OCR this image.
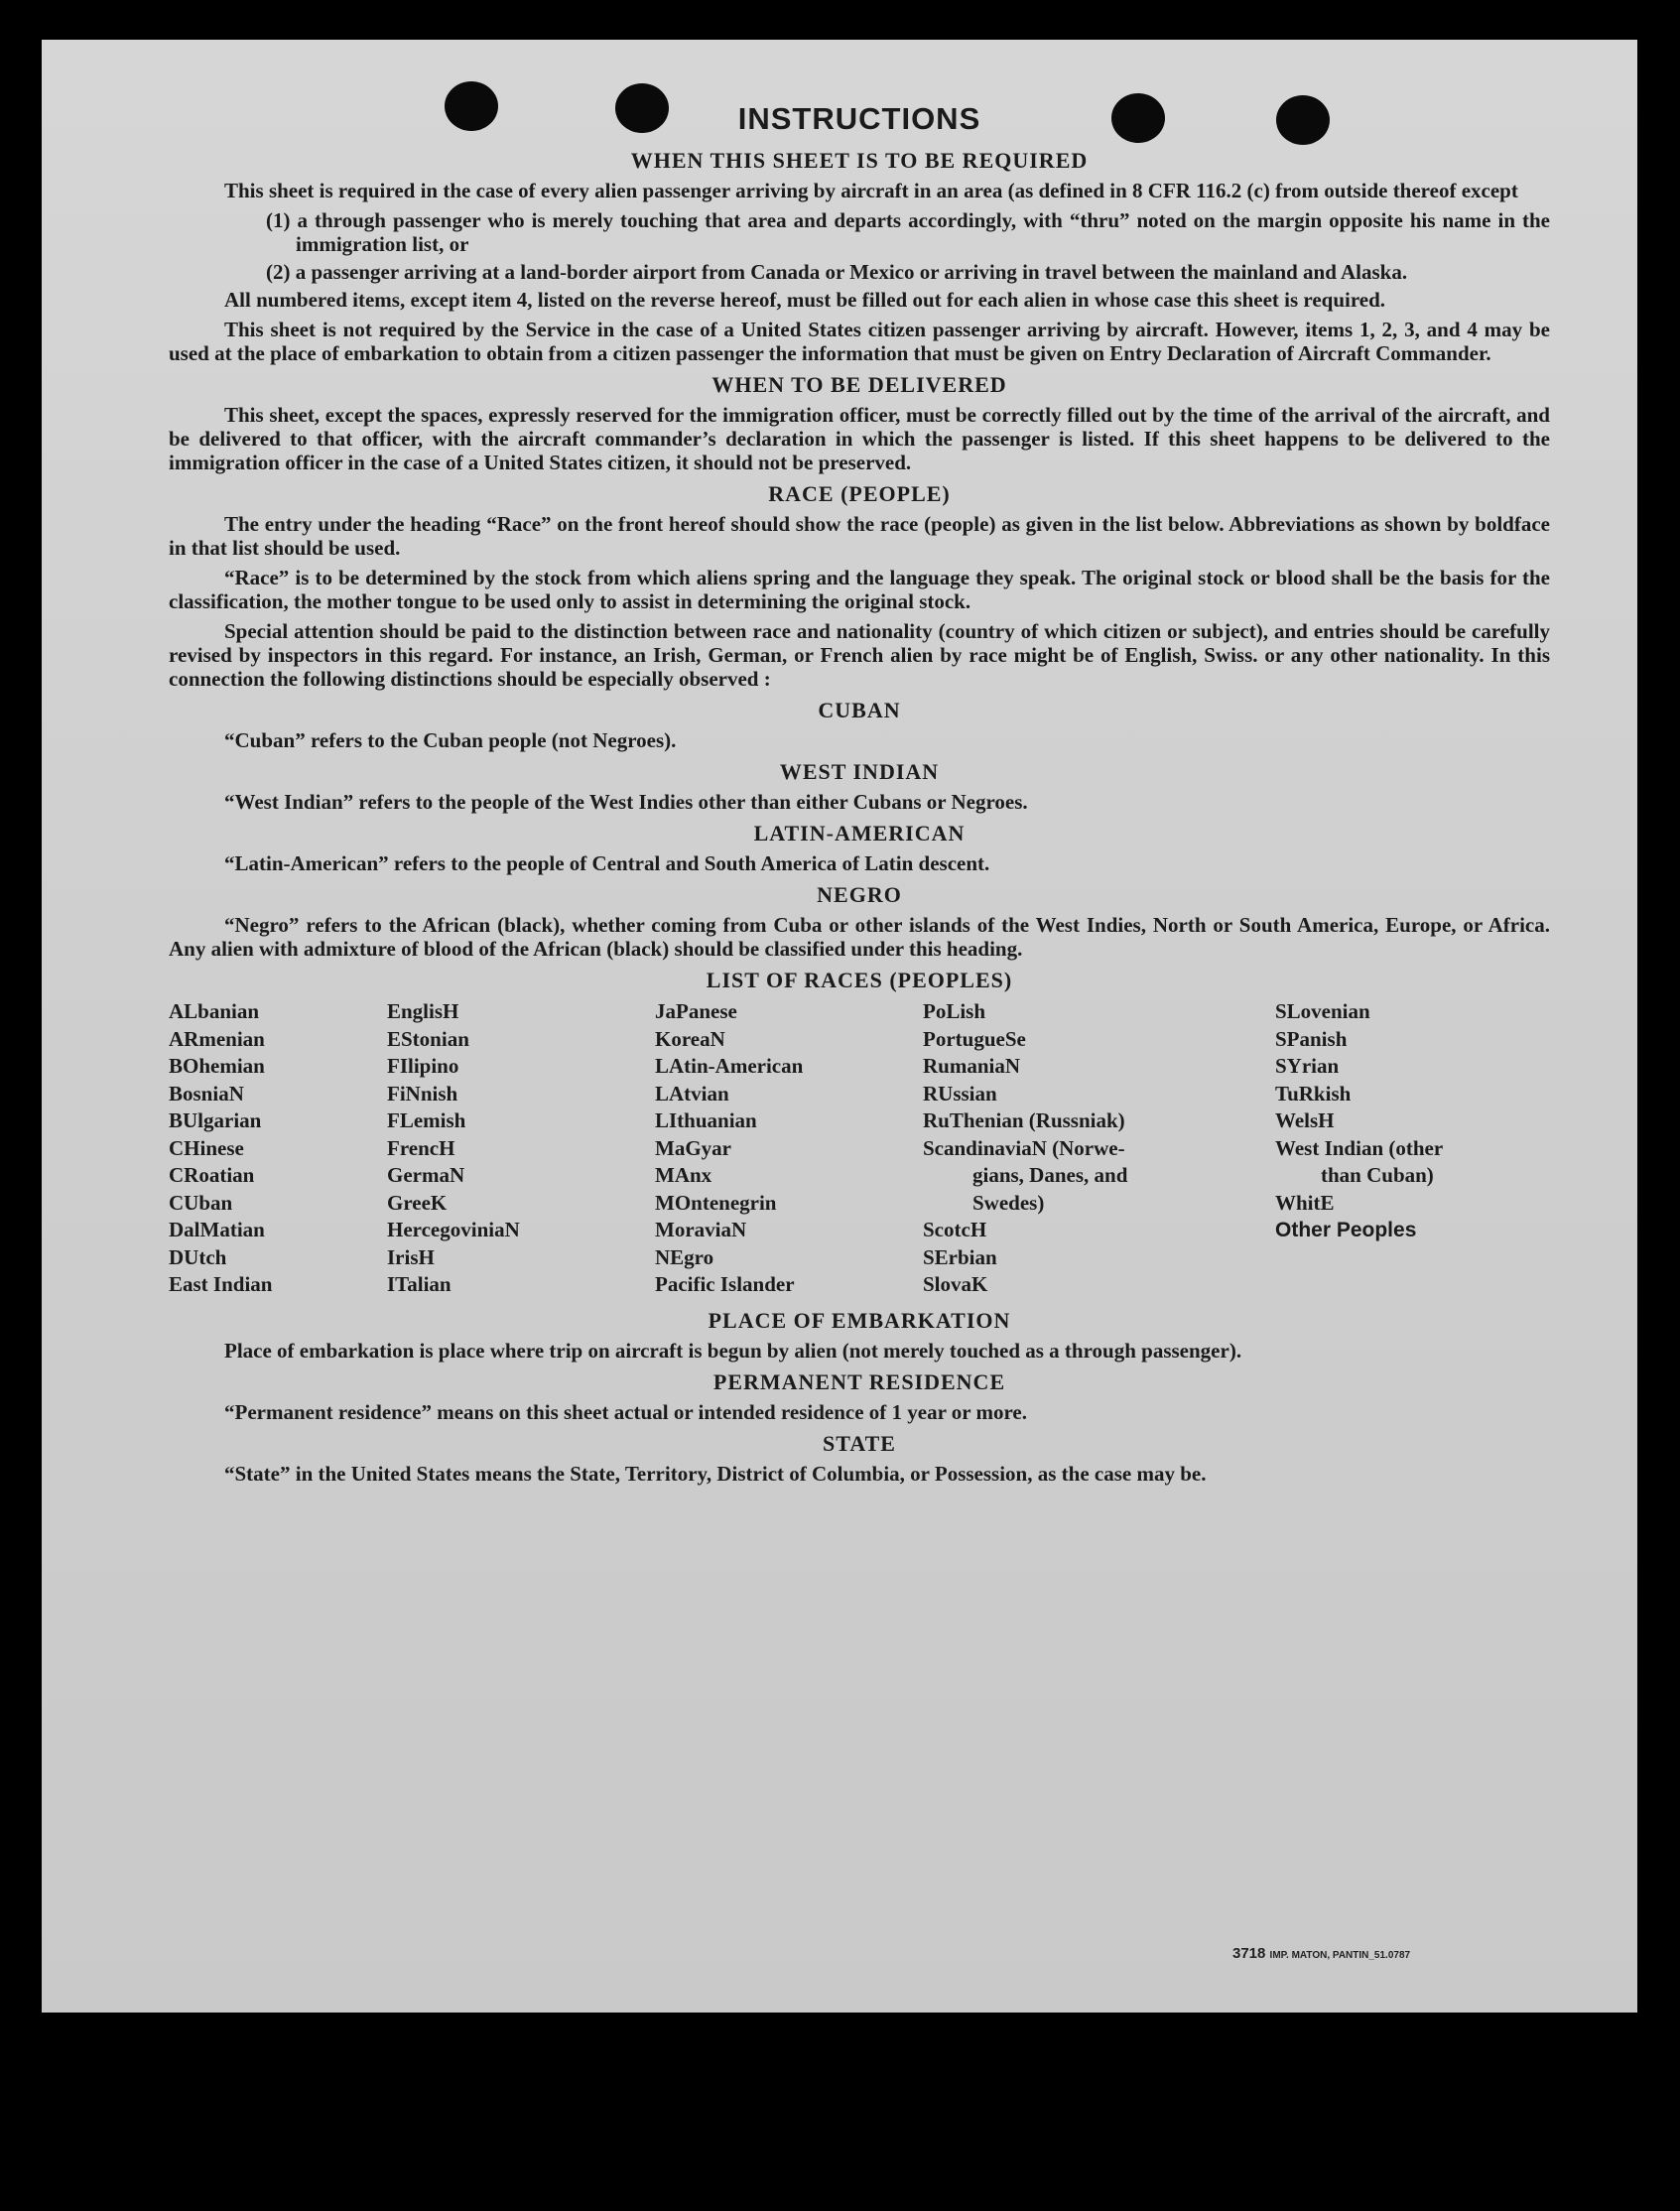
INSTRUCTIONS
WHEN THIS SHEET IS TO BE REQUIRED

This sheet is required in the case of every alien passenger arriving by aircraft in an area (as defined in 8 CFR 116.2 (c) from outside thereof except

(1) a through passenger who is merely touching that area and departs accordingly, with “thru” noted on the margin opposite his name in the immigration list, or

(2) a passenger arriving at a land-border airport from Canada or Mexico or arriving in travel between the mainland and Alaska.

All numbered items, except item 4, listed on the reverse hereof, must be filled out for each alien in whose case this sheet is required.

This sheet is not required by the Service in the case of a United States citizen passenger arriving by aircraft. However, items 1, 2, 3, and 4 may be used at the place of embarkation to obtain from a citizen passenger the information that must be given on Entry Declaration of Aircraft Commander.

WHEN TO BE DELIVERED

This sheet, except the spaces, expressly reserved for the immigration officer, must be correctly filled out by the time of the arrival of the aircraft, and be delivered to that officer, with the aircraft commander’s declaration in which the passenger is listed. If this sheet happens to be delivered to the immigration officer in the case of a United States citizen, it should not be preserved.

RACE (PEOPLE)

The entry under the heading “Race” on the front hereof should show the race (people) as given in the list below. Abbreviations as shown by boldface in that list should be used.

“Race” is to be determined by the stock from which aliens spring and the language they speak. The original stock or blood shall be the basis for the classification, the mother tongue to be used only to assist in determining the original stock.

Special attention should be paid to the distinction between race and nationality (country of which citizen or subject), and entries should be carefully revised by inspectors in this regard. For instance, an Irish, German, or French alien by race might be of English, Swiss. or any other nationality. In this connection the following distinctions should be especially observed :

CUBAN

“Cuban” refers to the Cuban people (not Negroes).

WEST INDIAN

“West Indian” refers to the people of the West Indies other than either Cubans or Negroes.

LATIN-AMERICAN

“Latin-American” refers to the people of Central and South America of Latin descent.

NEGRO

“Negro” refers to the African (black), whether coming from Cuba or other islands of the West Indies, North or South America, Europe, or Africa. Any alien with admixture of blood of the African (black) should be classified under this heading.

LIST OF RACES (PEOPLES)
ALbanian
ARmenian
BOhemian
BosniaN
BUlgarian
CHinese
CRoatian
CUban
DalMatian
DUtch
East Indian
EnglisH
EStonian
FIlipino
FiNnish
FLemish
FrencH
GermaN
GreeK
HercegoviniaN
IrisH
ITalian
JaPanese
KoreaN
LAtin-American
LAtvian
LIthuanian
MaGyar
MAnx
MOntenegrin
MoraviaN
NEgro
Pacific Islander
PoLish
PortugueSe
RumaniaN
RUssian
RuThenian (Russniak)
ScandinaviaN (Norwe-
gians, Danes, and
Swedes)
ScotcH
SErbian
SlovaK
SLovenian
SPanish
SYrian
TuRkish
WelsH
West Indian (other
than Cuban)
WhitE
Other Peoples
PLACE OF EMBARKATION

Place of embarkation is place where trip on aircraft is begun by alien (not merely touched as a through passenger).

PERMANENT RESIDENCE

“Permanent residence” means on this sheet actual or intended residence of 1 year or more.

STATE

“State” in the United States means the State, Territory, District of Columbia, or Possession, as the case may be.

3718 IMP. MATON, PANTIN_51.0787
